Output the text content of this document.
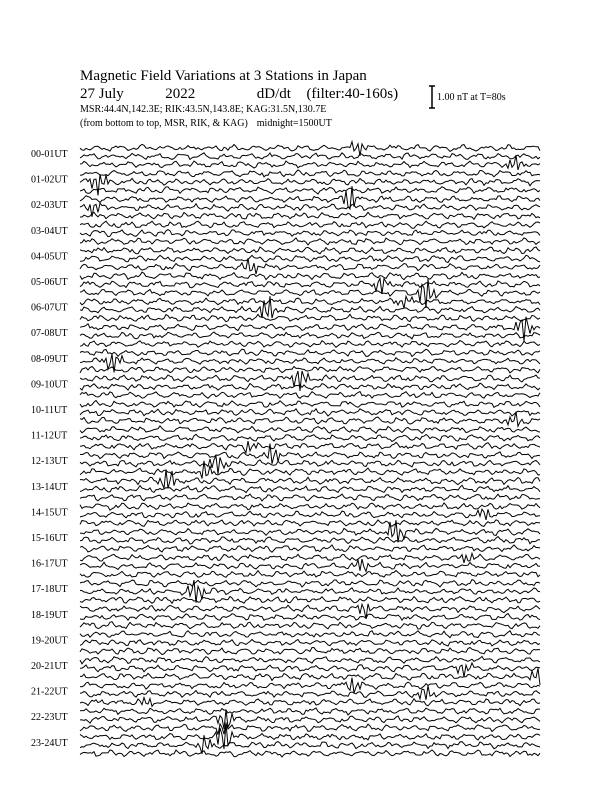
Magnetic Field Variations at 3 Stations in Japan
27 July	2022	dD/dt (filter:40-160s)
MSR:44.4N,142.3E; RIK:43.5N,143.8E; KAG:31.5N,130.7E
(from bottom to top, MSR, RIK, & KAG) midnight=1500UT
1.00 nT at T=80s
00-01UT
01-02UT
02-03UT
03-04UT
04-05UT
05-06UT
06-07UT
07-08UT
08-09UT
09-10UT
10-11UT
11-12UT
12-13UT
13-14UT
14-15UT
15-16UT
16-17UT
17-18UT
18-19UT
19-20UT
20-21UT
21-22UT
22-23UT
23-24UT
